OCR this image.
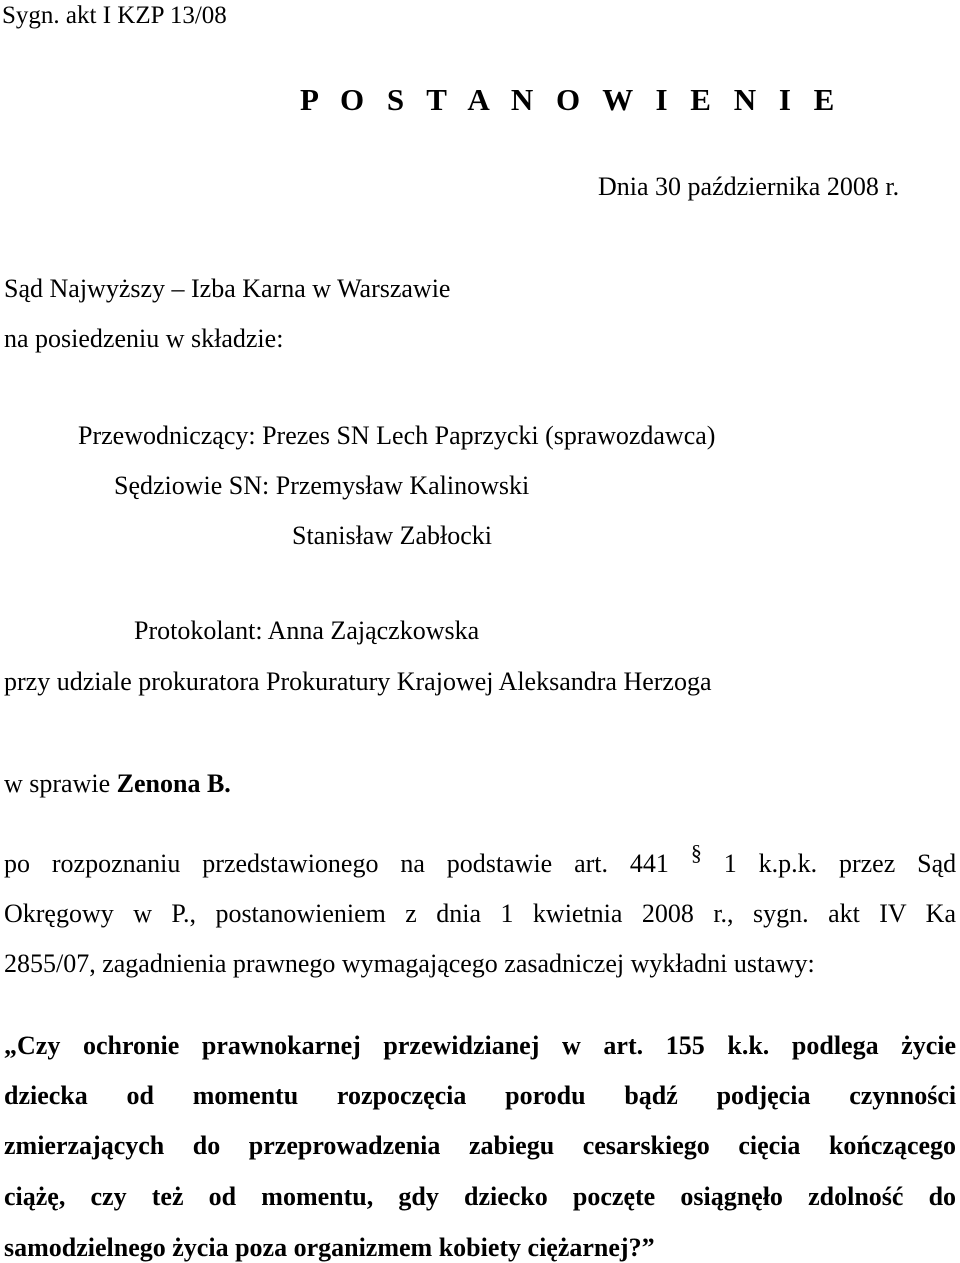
Sygn. akt I KZP 13/08
P O S T A N O W I E N I E
Dnia 30 października 2008 r.
Sąd Najwyższy – Izba Karna w Warszawie
na posiedzeniu w składzie:
Przewodniczący: Prezes SN Lech Paprzycki (sprawozdawca)
Sędziowie SN: Przemysław Kalinowski
Stanisław Zabłocki
Protokolant: Anna Zajączkowska
przy udziale prokuratora Prokuratury Krajowej Aleksandra Herzoga
w sprawie Zenona B.
po rozpoznaniu przedstawionego na podstawie art. 441 § 1 k.p.k. przez Sąd
Okręgowy w P., postanowieniem z dnia 1 kwietnia 2008 r., sygn. akt IV Ka
2855/07, zagadnienia prawnego wymagającego zasadniczej wykładni ustawy:
„Czy ochronie prawnokarnej przewidzianej w art. 155 k.k. podlega życie
dziecka od momentu rozpoczęcia porodu bądź podjęcia czynności
zmierzających do przeprowadzenia zabiegu cesarskiego cięcia kończącego
ciążę, czy też od momentu, gdy dziecko poczęte osiągnęło zdolność do
samodzielnego życia poza organizmem kobiety ciężarnej?”
